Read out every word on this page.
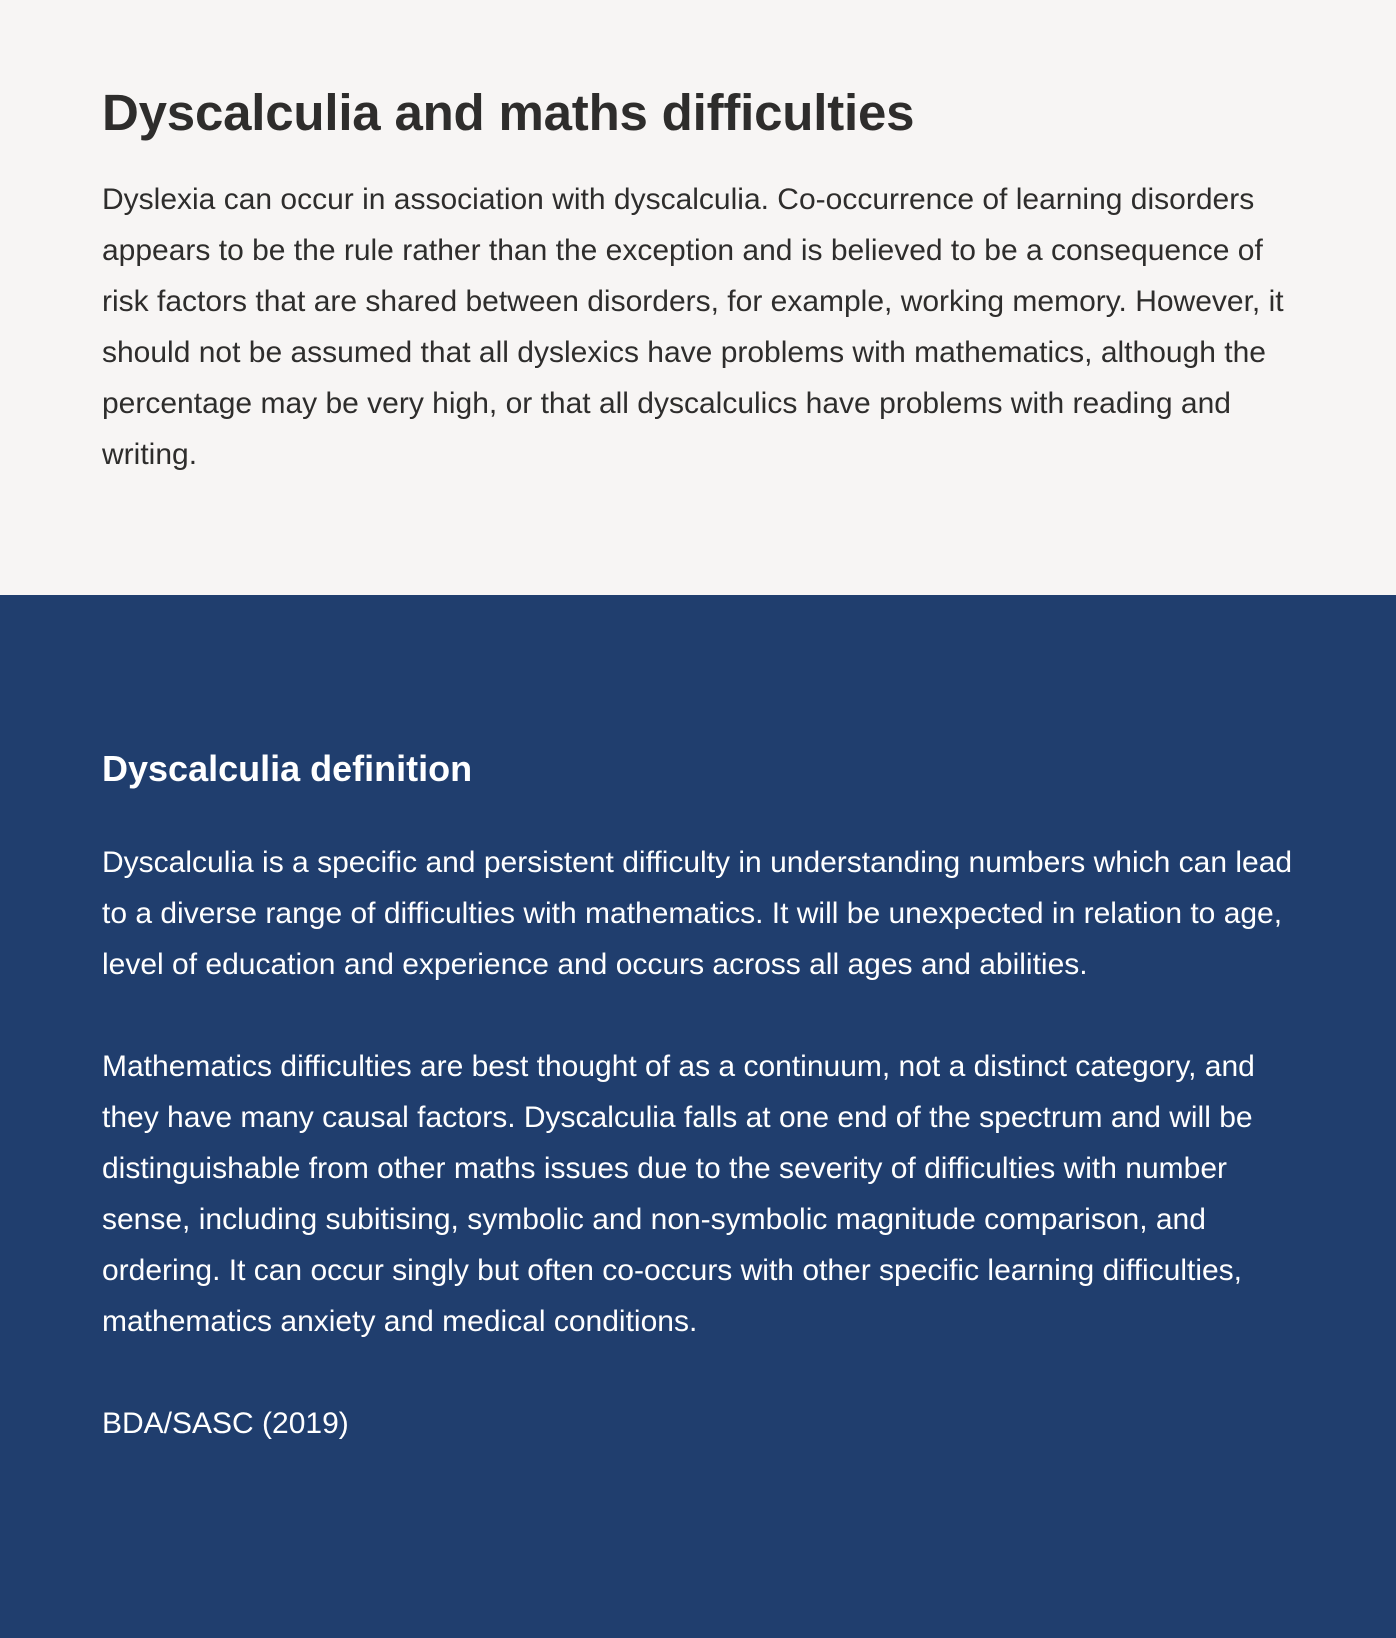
Dyscalculia and maths difficulties

Dyslexia can occur in association with dyscalculia. Co-occurrence of learning disorders appears to be the rule rather than the exception and is believed to be a consequence of risk factors that are shared between disorders, for example, working memory. However, it should not be assumed that all dyslexics have problems with mathematics, although the percentage may be very high, or that all dyscalculics have problems with reading and writing.

Dyscalculia definition

Dyscalculia is a specific and persistent difficulty in understanding numbers which can lead to a diverse range of difficulties with mathematics. It will be unexpected in relation to age, level of education and experience and occurs across all ages and abilities.

Mathematics difficulties are best thought of as a continuum, not a distinct category, and they have many causal factors. Dyscalculia falls at one end of the spectrum and will be distinguishable from other maths issues due to the severity of difficulties with number sense, including subitising, symbolic and non-symbolic magnitude comparison, and ordering. It can occur singly but often co-occurs with other specific learning difficulties, mathematics anxiety and medical conditions.

BDA/SASC (2019)
